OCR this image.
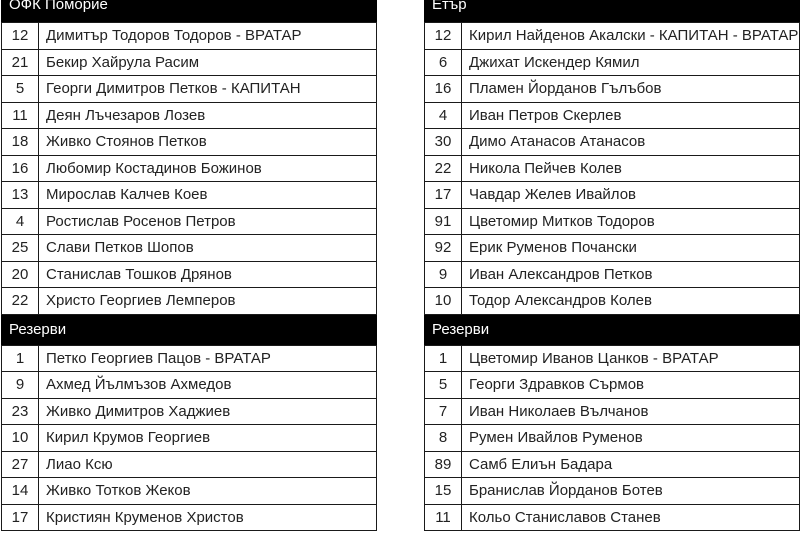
ОФК Поморие
12	Димитър Тодоров Тодоров - ВРАТАР
21	Бекир Хайрула Расим
5	Георги Димитров Петков - КАПИТАН
11	Деян Лъчезаров Лозев
18	Живко Стоянов Петков
16	Любомир Костадинов Божинов
13	Мирослав Калчев Коев
4	Ростислав Росенов Петров
25	Слави Петков Шопов
20	Станислав Тошков Дрянов
22	Христо Георгиев Лемперов
Резерви
1	Петко Георгиев Пацов - ВРАТАР
9	Ахмед Йълмъзов Ахмедов
23	Живко Димитров Хаджиев
10	Кирил Крумов Георгиев
27	Лиао Ксю
14	Живко Тотков Жеков
17	Кристиян Круменов Христов
Етър
12	Кирил Найденов Акалски - КАПИТАН - ВРАТАР
6	Джихат Искендер Кямил
16	Пламен Йорданов Гълъбов
4	Иван Петров Скерлев
30	Димо Атанасов Атанасов
22	Никола Пейчев Колев
17	Чавдар Желев Ивайлов
91	Цветомир Митков Тодоров
92	Ерик Руменов Почански
9	Иван Александров Петков
10	Тодор Александров Колев
Резерви
1	Цветомир Иванов Цанков - ВРАТАР
5	Георги Здравков Сърмов
7	Иван Николаев Вълчанов
8	Румен Ивайлов Руменов
89	Самб Елиън Бадара
15	Бранислав Йорданов Ботев
11	Кольо Станиславов Станев
